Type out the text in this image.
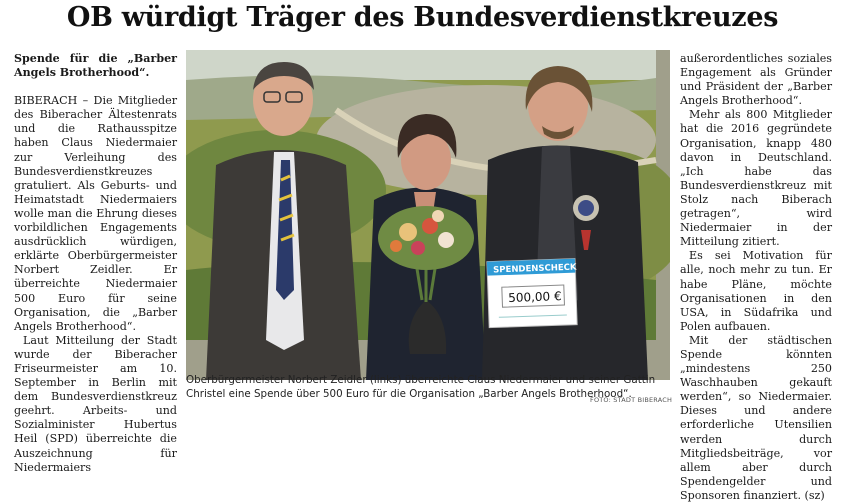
OB würdigt Träger des Bundesverdienstkreuzes

Spende für die „Barber Angels Brotherhood“.

BIBERACH – Die Mitglieder des Biberacher Ältestenrats und die Rathausspitze haben Claus Niedermaier zur Verleihung des Bundesverdienstkreuzes gratuliert. Als Geburts- und Heimatstadt Niedermaiers wolle man die Ehrung dieses vorbildlichen Engagements ausdrücklich würdigen, erklärte Oberbürgermeister Norbert Zeidler. Er überreichte Niedermaier 500 Euro für seine Organisation, die „Barber Angels Brotherhood“.

Laut Mitteilung der Stadt wurde der Biberacher Friseurmeister am 10. September in Berlin mit dem Bundesverdienstkreuz geehrt. Arbeits- und Sozialminister Hubertus Heil (SPD) überreichte die Auszeichnung für Niedermaiers

SPENDENSCHECK
500,00 €
Oberbürgermeister Norbert Zeidler (links) überreichte Claus Niedermaier und seiner Gattin Christel eine Spende über 500 Euro für die Organisation „Barber Angels Brotherhood“.
FOTO: STADT BIBERACH

außerordentliches soziales Engagement als Gründer und Präsident der „Barber Angels Brotherhood“.

Mehr als 800 Mitglieder hat die 2016 gegründete Organisation, knapp 480 davon in Deutschland. „Ich habe das Bundesverdienstkreuz mit Stolz nach Biberach getragen“, wird Niedermaier in der Mitteilung zitiert.

Es sei Motivation für alle, noch mehr zu tun. Er habe Pläne, möchte Organisationen in den USA, in Südafrika und Polen aufbauen.

Mit der städtischen Spende könnten „mindestens 250 Waschhauben gekauft werden“, so Niedermaier. Dieses und andere erforderliche Utensilien werden durch Mitgliedsbeiträge, vor allem aber durch Spendengelder und Sponsoren finanziert. (sz)
